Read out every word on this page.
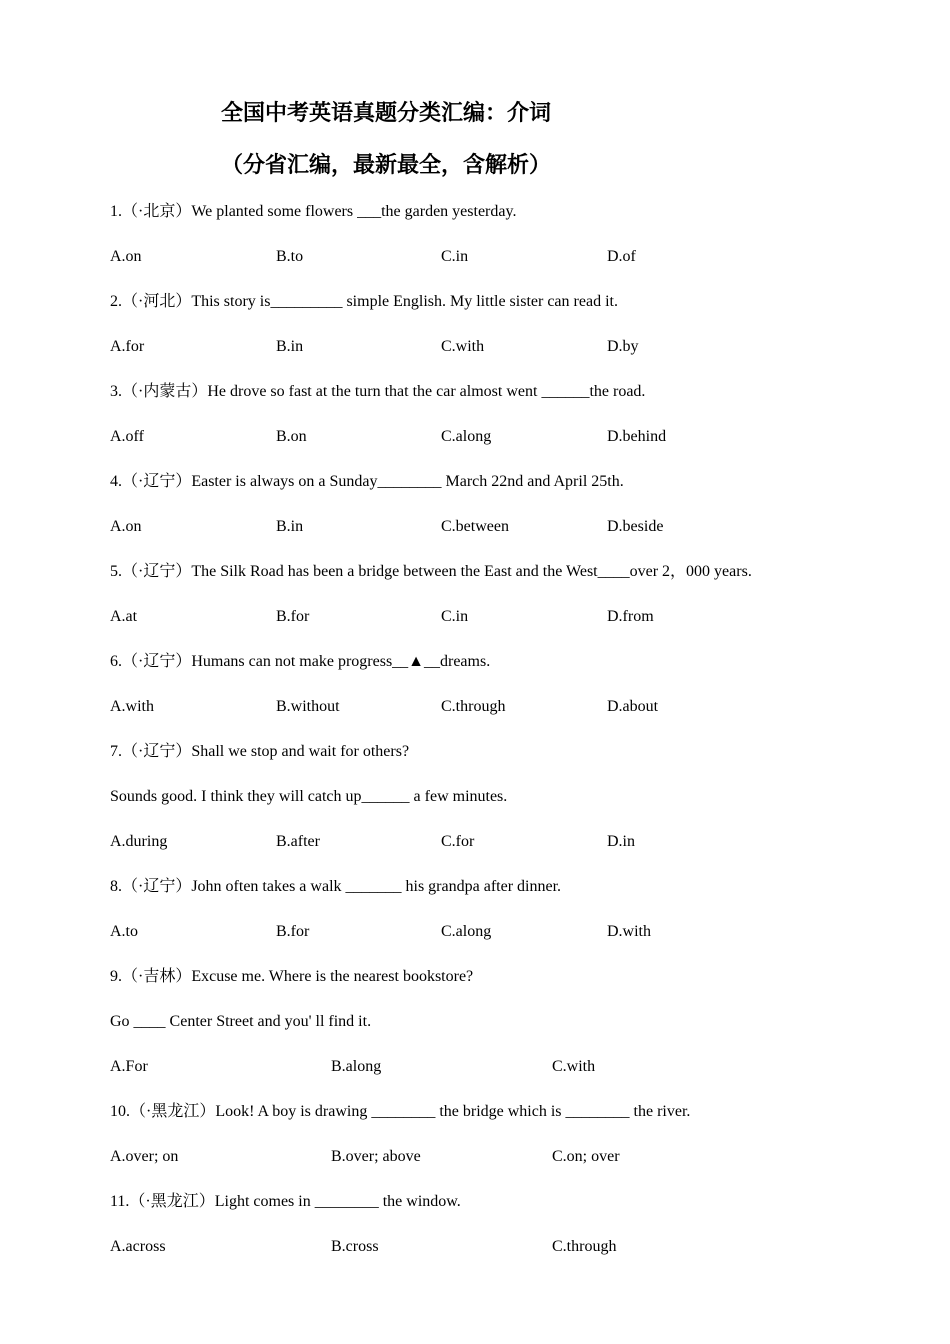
全国中考英语真题分类汇编：介词
（分省汇编，最新最全，含解析）
1.（·北京）We planted some flowers ___the garden yesterday.
A.on	B.to	C.in	D.of
2.（·河北）This story is_________ simple English. My little sister can read it.
A.for	B.in	C.with	D.by
3.（·内蒙古）He drove so fast at the turn that the car almost went ______the road.
A.off	B.on	C.along	D.behind
4.（·辽宁）Easter is always on a Sunday________ March 22nd and April 25th.
A.on	B.in	C.between	D.beside
5.（·辽宁）The Silk Road has been a bridge between the East and the West____over 2，000 years.
A.at	B.for	C.in	D.from
6.（·辽宁）Humans can not make progress__▲__dreams.
A.with	B.without	C.through	D.about
7.（·辽宁）Shall we stop and wait for others?
Sounds good. I think they will catch up______ a few minutes.
A.during	B.after	C.for	D.in
8.（·辽宁）John often takes a walk _______ his grandpa after dinner.
A.to	B.for	C.along	D.with
9.（·吉林）Excuse me. Where is the nearest bookstore?
Go ____ Center Street and you' ll find it.
A.For	B.along	C.with
10.（·黑龙江）Look! A boy is drawing ________ the bridge which is ________ the river.
A.over; on	B.over; above	C.on; over
11.（·黑龙江）Light comes in ________ the window.
A.across	B.cross	C.through
